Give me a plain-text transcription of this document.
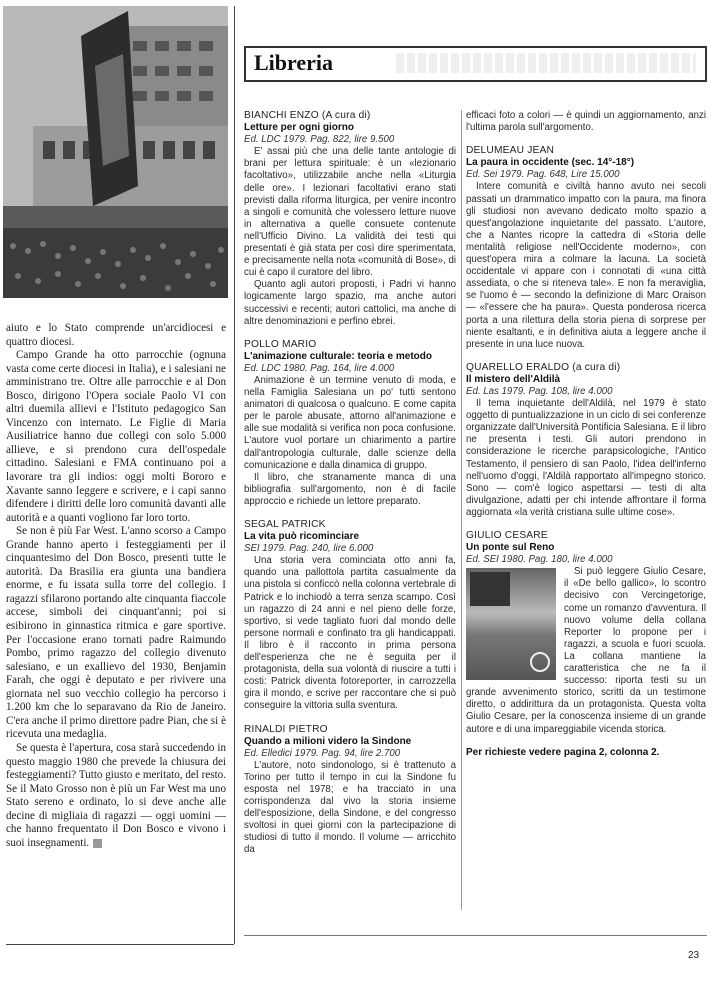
aiuto e lo Stato comprende un'arcidiocesi e quattro diocesi.

Campo Grande ha otto parrocchie (ognuna vasta come certe diocesi in Italia), e i salesiani ne amministrano tre. Oltre alle parrocchie e al Don Bosco, dirigono l'Opera sociale Paolo VI con altri duemila allievi e l'Istituto pedagogico San Vincenzo con internato. Le Figlie di Maria Ausiliatrice hanno due collegi con solo 5.000 allieve, e si prendono cura dell'ospedale cittadino. Salesiani e FMA continuano poi a lavorare tra gli indios: oggi molti Bororo e Xavante sanno leggere e scrivere, e i capi sanno difendere i diritti delle loro comunità davanti alle autorità e a quanti vogliono far loro torto.

Se non è più Far West. L'anno scorso a Campo Grande hanno aperto i festeggiamenti per il cinquantesimo del Don Bosco, presenti tutte le autorità. Da Brasilia era giunta una bandiera enorme, e fu issata sulla torre del collegio. I ragazzi sfilarono portando alte cinquanta fiaccole accese, simboli dei cinquant'anni; poi si esibirono in ginnastica ritmica e gare sportive. Per l'occasione erano tornati padre Raimundo Pombo, primo ragazzo del collegio divenuto salesiano, e un exallievo del 1930, Benjamin Farah, che oggi è deputato e per rivivere una giornata nel suo vecchio collegio ha percorso i 1.200 km che lo separavano da Rio de Janeiro. C'era anche il primo direttore padre Pian, che si è ricevuta una medaglia.

Se questa è l'apertura, cosa starà succedendo in questo maggio 1980 che prevede la chiusura dei festeggiamenti? Tutto giusto e meritato, del resto. Se il Mato Grosso non è più un Far West ma uno Stato sereno e ordinato, lo si deve anche alle decine di migliaia di ragazzi — oggi uomini — che hanno frequentato il Don Bosco e vivono i suoi insegnamenti.

Libreria
BIANCHI ENZO (A cura di)
Letture per ogni giorno
Ed. LDC 1979. Pag. 822, lire 9.500

E' assai più che una delle tante antologie di brani per lettura spirituale: è un «lezionario facoltativo», utilizzabile anche nella «Liturgia delle ore». I lezionari facoltativi erano stati previsti dalla riforma liturgica, per venire incontro a singoli e comunità che volessero letture nuove in alternativa a quelle consuete contenute nell'Ufficio Divino. La validità dei testi qui presentati è già stata per così dire sperimentata, e precisamente nella nota «comunità di Bose», di cui è capo il curatore del libro.

Quanto agli autori proposti, i Padri vi hanno logicamente largo spazio, ma anche autori successivi e recenti; autori cattolici, ma anche di altre denominazioni e perfino ebrei.

POLLO MARIO
L'animazione culturale: teoria e metodo
Ed. LDC 1980. Pag. 164, lire 4.000

Animazione è un termine venuto di moda, e nella Famiglia Salesiana un po' tutti sentono animatori di qualcosa o qualcuno. E come capita per le parole abusate, attorno all'animazione e alle sue modalità si verifica non poca confusione. L'autore vuol portare un chiarimento a partire dall'antropologia culturale, dalle scienze della comunicazione e dalla dinamica di gruppo.

Il libro, che stranamente manca di una bibliografia sull'argomento, non è di facile approccio e richiede un lettore preparato.

SEGAL PATRICK
La vita può ricominciare
SEI 1979. Pag. 240, lire 6.000

Una storia vera cominciata otto anni fa, quando una pallottola partita casualmente da una pistola si conficcò nella colonna vertebrale di Patrick e lo inchiodò a terra senza scampo. Così un ragazzo di 24 anni e nel pieno delle forze, sportivo, si vede tagliato fuori dal mondo delle persone normali e confinato tra gli handicappati. Il libro è il racconto in prima persona dell'esperienza che ne è seguita per il protagonista, della sua volontà di riuscire a tutti i costi: Patrick diventa fotoreporter, in carrozzella gira il mondo, e scrive per raccontare che si può conseguire la vittoria sulla sventura.

RINALDI PIETRO
Quando a milioni videro la Sindone
Ed. Elledici 1979. Pag. 94, lire 2.700

L'autore, noto sindonologo, si è trattenuto a Torino per tutto il tempo in cui la Sindone fu esposta nel 1978; e ha tracciato in una corrispondenza dal vivo la storia insieme dell'esposizione, della Sindone, e del congresso svoltosi in quei giorni con la partecipazione di studiosi di tutto il mondo. Il volume — arricchito da

efficaci foto a colori — è quindi un aggiornamento, anzi l'ultima parola sull'argomento.

DELUMEAU JEAN
La paura in occidente (sec. 14°-18°)
Ed. Sei 1979. Pag. 648, Lire 15.000

Intere comunità e civiltà hanno avuto nei secoli passati un drammatico impatto con la paura, ma finora gli studiosi non avevano dedicato molto spazio a quest'angolazione inquietante del passato. L'autore, che a Nantes ricopre la cattedra di «Storia delle mentalità religiose nell'Occidente moderno», con quest'opera mira a colmare la lacuna. La società occidentale vi appare con i connotati di «una città assediata, o che si riteneva tale». E non fa meraviglia, se l'uomo è — secondo la definizione di Marc Oraison — «l'essere che ha paura». Questa ponderosa ricerca porta a una rilettura della storia piena di sorprese per niente esaltanti, e in definitiva aiuta a leggere anche il presente in una luce nuova.

QUARELLO ERALDO (a cura di)
Il mistero dell'Aldilà
Ed. Las 1979. Pag. 108, lire 4.000

Il tema inquietante dell'Aldilà, nel 1979 è stato oggetto di puntualizzazione in un ciclo di sei conferenze organizzate dall'Università Pontificia Salesiana. E il libro ne presenta i testi. Gli autori prendono in considerazione le ricerche parapsicologiche, l'Antico Testamento, il pensiero di san Paolo, l'idea dell'inferno nell'uomo d'oggi, l'Aldilà rapportato all'impegno storico. Sono — com'è logico aspettarsi — testi di alta divulgazione, adatti per chi intende affrontare il forma aggiornata «la verità cristiana sulle ultime cose».

GIULIO CESARE
Un ponte sul Reno
Ed. SEI 1980. Pag. 180, lire 4.000

Si può leggere Giulio Cesare, il «De bello gallico», lo scontro decisivo con Vercingetorige, come un romanzo d'avventura. Il nuovo volume della collana Reporter lo propone per i ragazzi, a scuola e fuori scuola. La collana mantiene la caratteristica che ne fa il successo: riporta testi su un grande avvenimento storico, scritti da un testimone diretto, o addirittura da un protagonista. Questa volta Giulio Cesare, per la conoscenza insieme di un grande autore e di una impareggiabile vicenda storica.

Per richieste vedere pagina 2, colonna 2.
23
